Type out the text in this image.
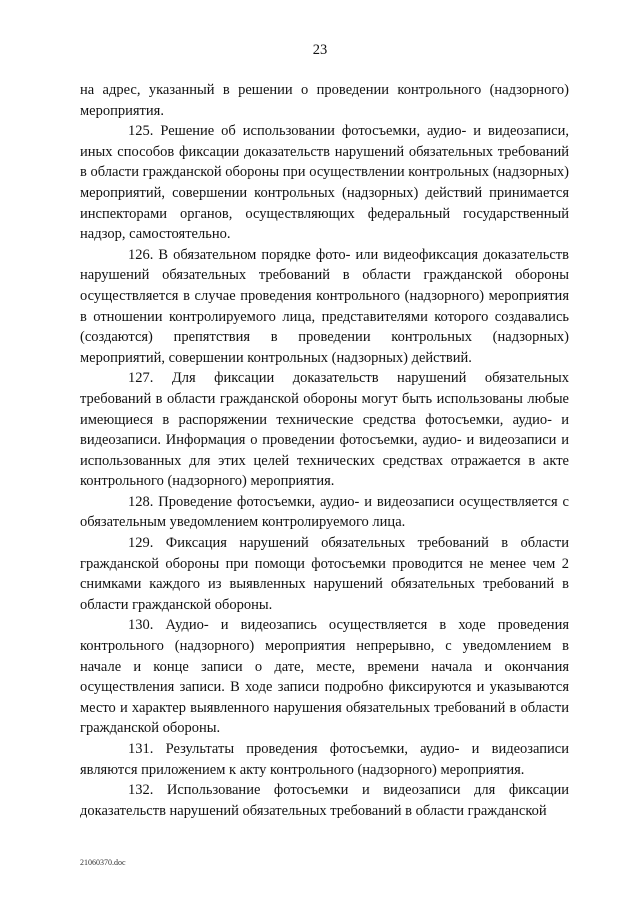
23

на адрес, указанный в решении о проведении контрольного (надзорного) мероприятия.

125. Решение об использовании фотосъемки, аудио- и видеозаписи, иных способов фиксации доказательств нарушений обязательных требований в области гражданской обороны при осуществлении контрольных (надзорных) мероприятий, совершении контрольных (надзорных) действий принимается инспекторами органов, осуществляющих федеральный государственный надзор, самостоятельно.

126. В обязательном порядке фото- или видеофиксация доказательств нарушений обязательных требований в области гражданской обороны осуществляется в случае проведения контрольного (надзорного) мероприятия в отношении контролируемого лица, представителями которого создавались (создаются) препятствия в проведении контрольных (надзорных) мероприятий, совершении контрольных (надзорных) действий.

127. Для фиксации доказательств нарушений обязательных требований в области гражданской обороны могут быть использованы любые имеющиеся в распоряжении технические средства фотосъемки, аудио- и видеозаписи. Информация о проведении фотосъемки, аудио- и видеозаписи и использованных для этих целей технических средствах отражается в акте контрольного (надзорного) мероприятия.

128. Проведение фотосъемки, аудио- и видеозаписи осуществляется с обязательным уведомлением контролируемого лица.

129. Фиксация нарушений обязательных требований в области гражданской обороны при помощи фотосъемки проводится не менее чем 2 снимками каждого из выявленных нарушений обязательных требований в области гражданской обороны.

130. Аудио- и видеозапись осуществляется в ходе проведения контрольного (надзорного) мероприятия непрерывно, с уведомлением в начале и конце записи о дате, месте, времени начала и окончания осуществления записи. В ходе записи подробно фиксируются и указываются место и характер выявленного нарушения обязательных требований в области гражданской обороны.

131. Результаты проведения фотосъемки, аудио- и видеозаписи являются приложением к акту контрольного (надзорного) мероприятия.

132. Использование фотосъемки и видеозаписи для фиксации доказательств нарушений обязательных требований в области гражданской

21060370.doc
